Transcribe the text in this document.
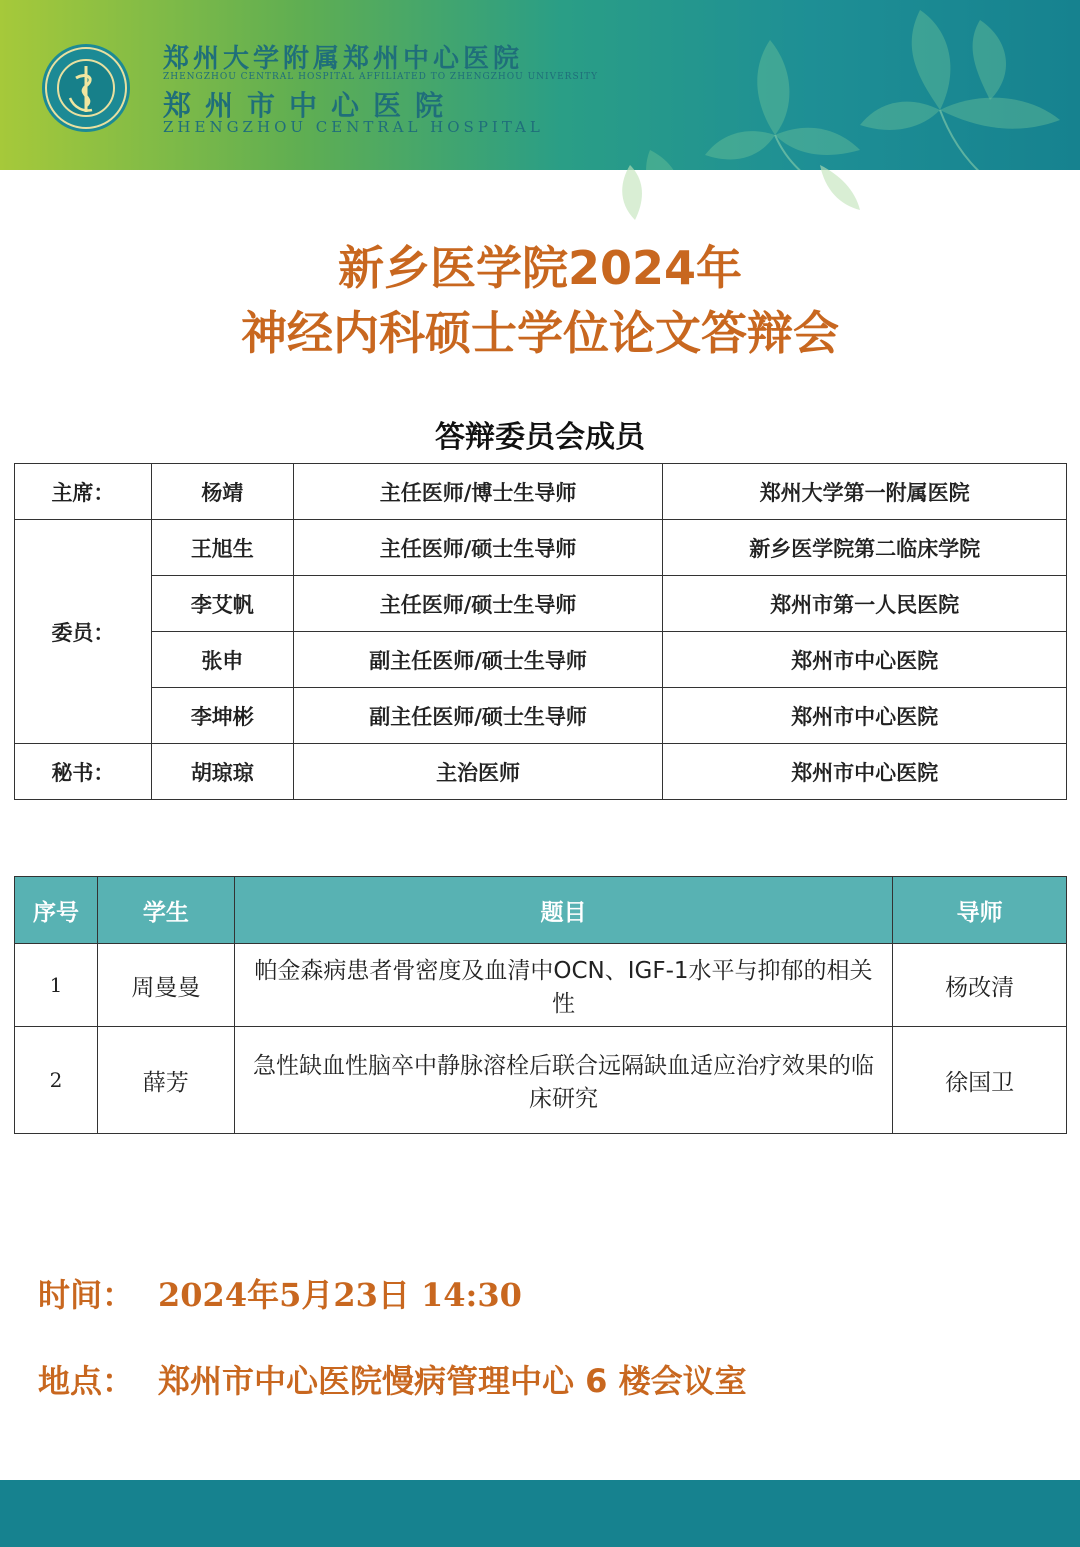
郑州大学附属郑州中心医院
ZHENGZHOU CENTRAL HOSPITAL AFFILIATED TO ZHENGZHOU UNIVERSITY
郑州市中心医院
ZHENGZHOU CENTRAL HOSPITAL
新乡医学院2024年
神经内科硕士学位论文答辩会
答辩委员会成员
主席：	杨靖	主任医师/博士生导师	郑州大学第一附属医院
委员：	王旭生	主任医师/硕士生导师	新乡医学院第二临床学院
	李艾帆	主任医师/硕士生导师	郑州市第一人民医院
	张申	副主任医师/硕士生导师	郑州市中心医院
	李坤彬	副主任医师/硕士生导师	郑州市中心医院
秘书：	胡琼琼	主治医师	郑州市中心医院
序号	学生	题目	导师
1	周曼曼	帕金森病患者骨密度及血清中OCN、IGF-1水平与抑郁的相关性	杨改清
2	薛芳	急性缺血性脑卒中静脉溶栓后联合远隔缺血适应治疗效果的临床研究	徐国卫
时间： 2024年5月23日 14:30
地点： 郑州市中心医院慢病管理中心 6 楼会议室
